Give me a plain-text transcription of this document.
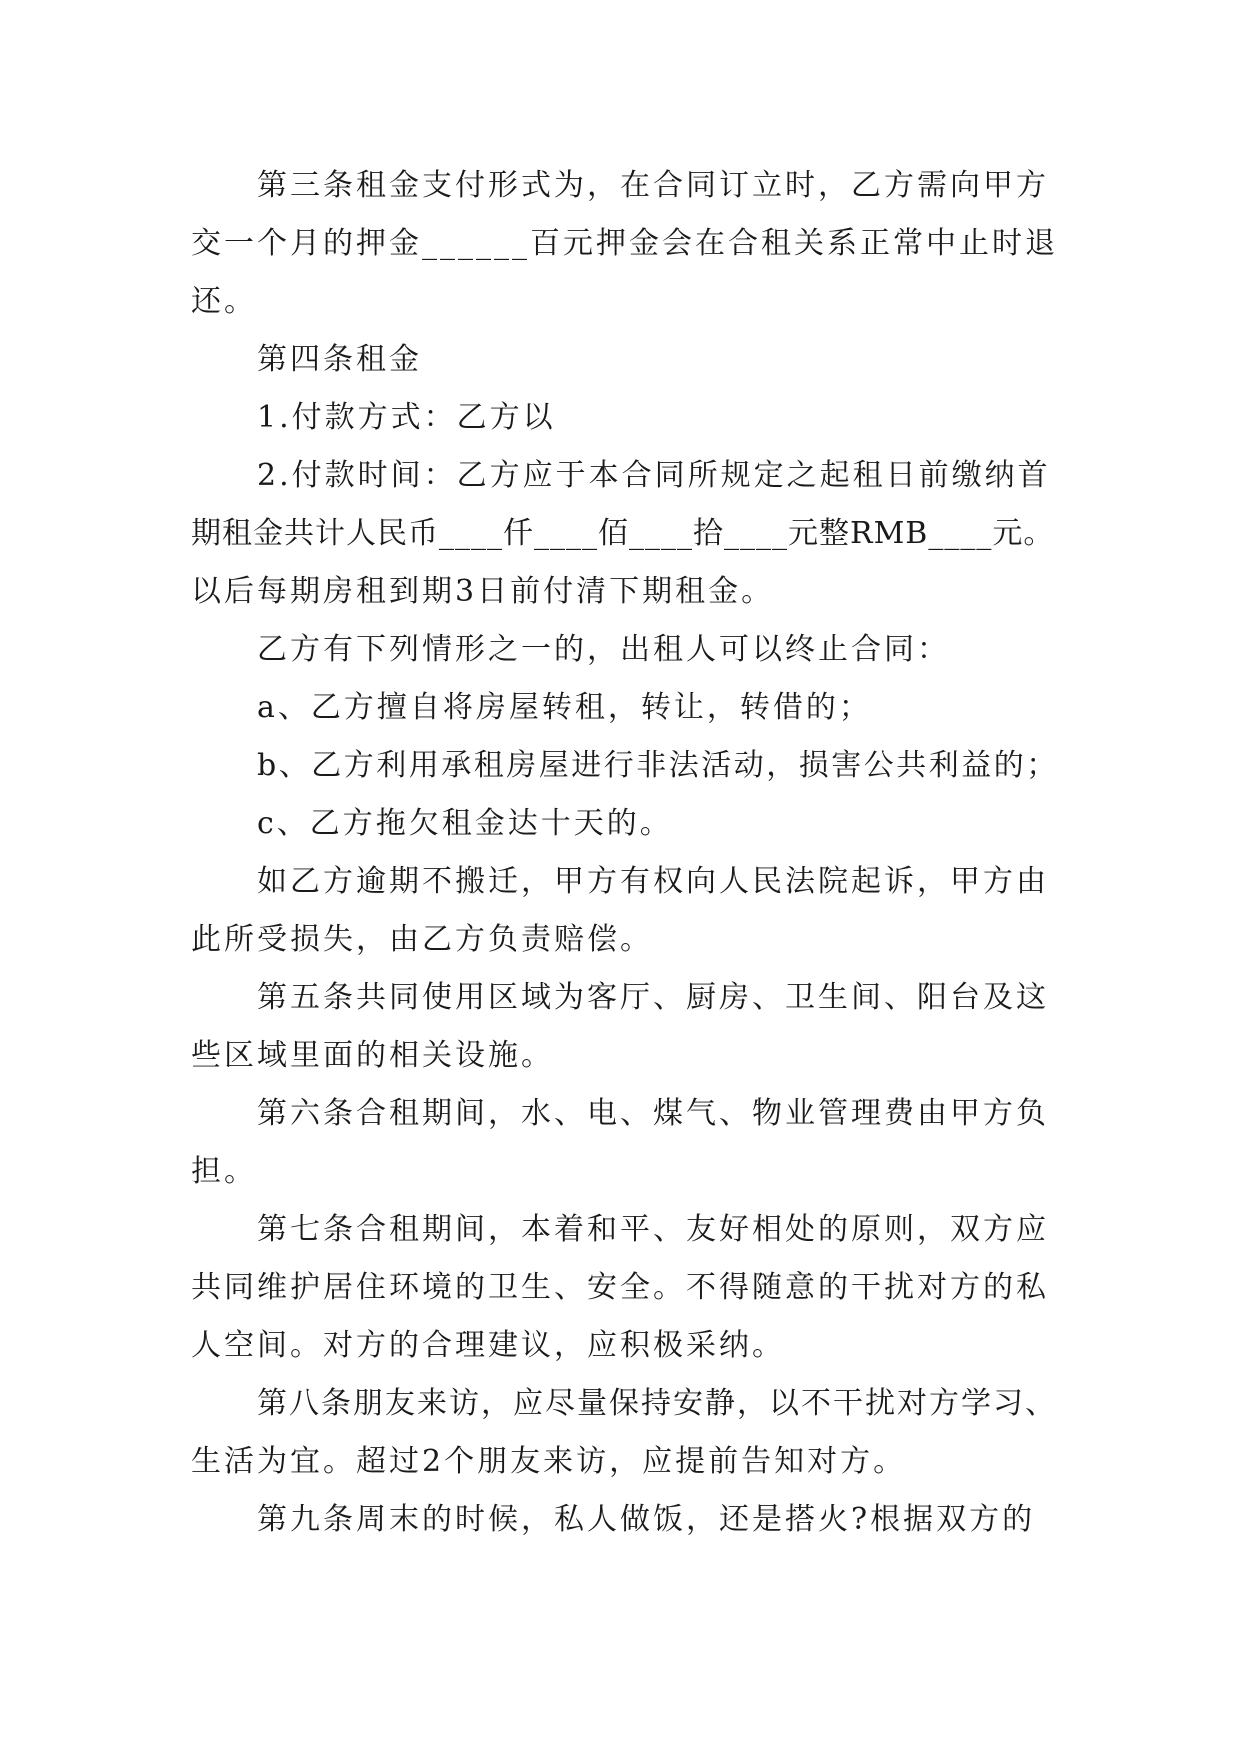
第三条租金支付形式为，在合同订立时，乙方需向甲方
交一个月的押金______百元押金会在合租关系正常中止时退
还。
第四条租金
1.付款方式：乙方以
2.付款时间：乙方应于本合同所规定之起租日前缴纳首
期租金共计人民币____仟____佰____拾____元整RMB____元。
以后每期房租到期3日前付清下期租金。
乙方有下列情形之一的，出租人可以终止合同：
a、乙方擅自将房屋转租，转让，转借的；
b、乙方利用承租房屋进行非法活动，损害公共利益的；
c、乙方拖欠租金达十天的。
如乙方逾期不搬迁，甲方有权向人民法院起诉，甲方由
此所受损失，由乙方负责赔偿。
第五条共同使用区域为客厅、厨房、卫生间、阳台及这
些区域里面的相关设施。
第六条合租期间，水、电、煤气、物业管理费由甲方负
担。
第七条合租期间，本着和平、友好相处的原则，双方应
共同维护居住环境的卫生、安全。不得随意的干扰对方的私
人空间。对方的合理建议，应积极采纳。
第八条朋友来访，应尽量保持安静，以不干扰对方学习、
生活为宜。超过2个朋友来访，应提前告知对方。
第九条周末的时候，私人做饭，还是搭火?根据双方的
